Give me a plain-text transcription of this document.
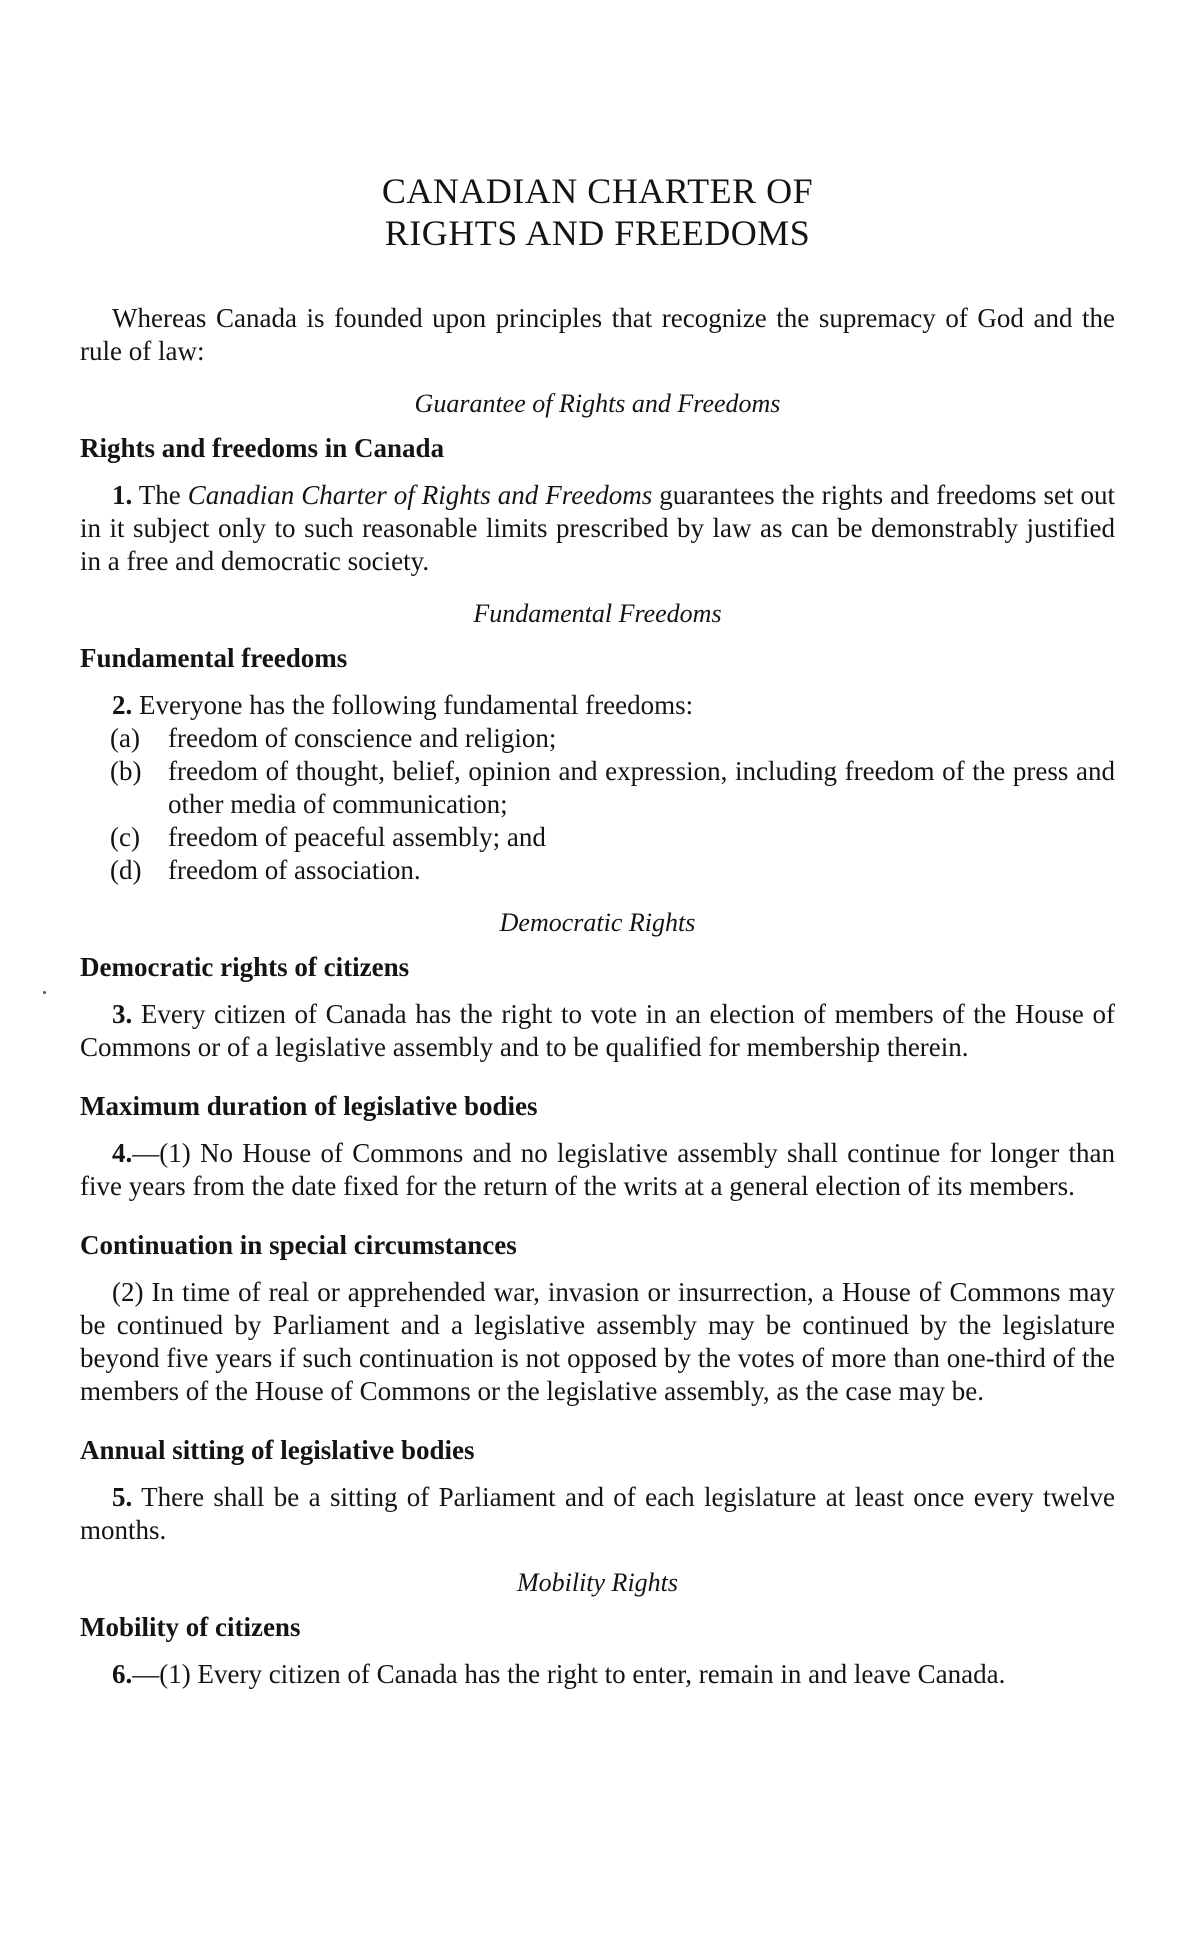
CANADIAN CHARTER OF
RIGHTS AND FREEDOMS

Whereas Canada is founded upon principles that recognize the supremacy of God and the rule of law:

Guarantee of Rights and Freedoms
Rights and freedoms in Canada

1. The Canadian Charter of Rights and Freedoms guarantees the rights and freedoms set out in it subject only to such reasonable limits prescribed by law as can be demonstrably justified in a free and democratic society.

Fundamental Freedoms
Fundamental freedoms

2. Everyone has the following fundamental freedoms:

(a)	freedom of conscience and religion;
(b) freedom of thought, belief, opinion and expression, including freedom of the press and other media of communication;
(c)	freedom of peaceful assembly; and
(d) freedom of association.
Democratic Rights
Democratic rights of citizens

3. Every citizen of Canada has the right to vote in an election of members of the House of Commons or of a legislative assembly and to be qualified for membership therein.

Maximum duration of legislative bodies

4.—(1) No House of Commons and no legislative assembly shall continue for longer than five years from the date fixed for the return of the writs at a general election of its members.

Continuation in special circumstances

(2) In time of real or apprehended war, invasion or insurrection, a House of Commons may be continued by Parliament and a legislative assembly may be continued by the legislature beyond five years if such continuation is not opposed by the votes of more than one-third of the members of the House of Commons or the legislative assembly, as the case may be.

Annual sitting of legislative bodies

5. There shall be a sitting of Parliament and of each legislature at least once every twelve months.

Mobility Rights
Mobility of citizens

6.—(1) Every citizen of Canada has the right to enter, remain in and leave Canada.
